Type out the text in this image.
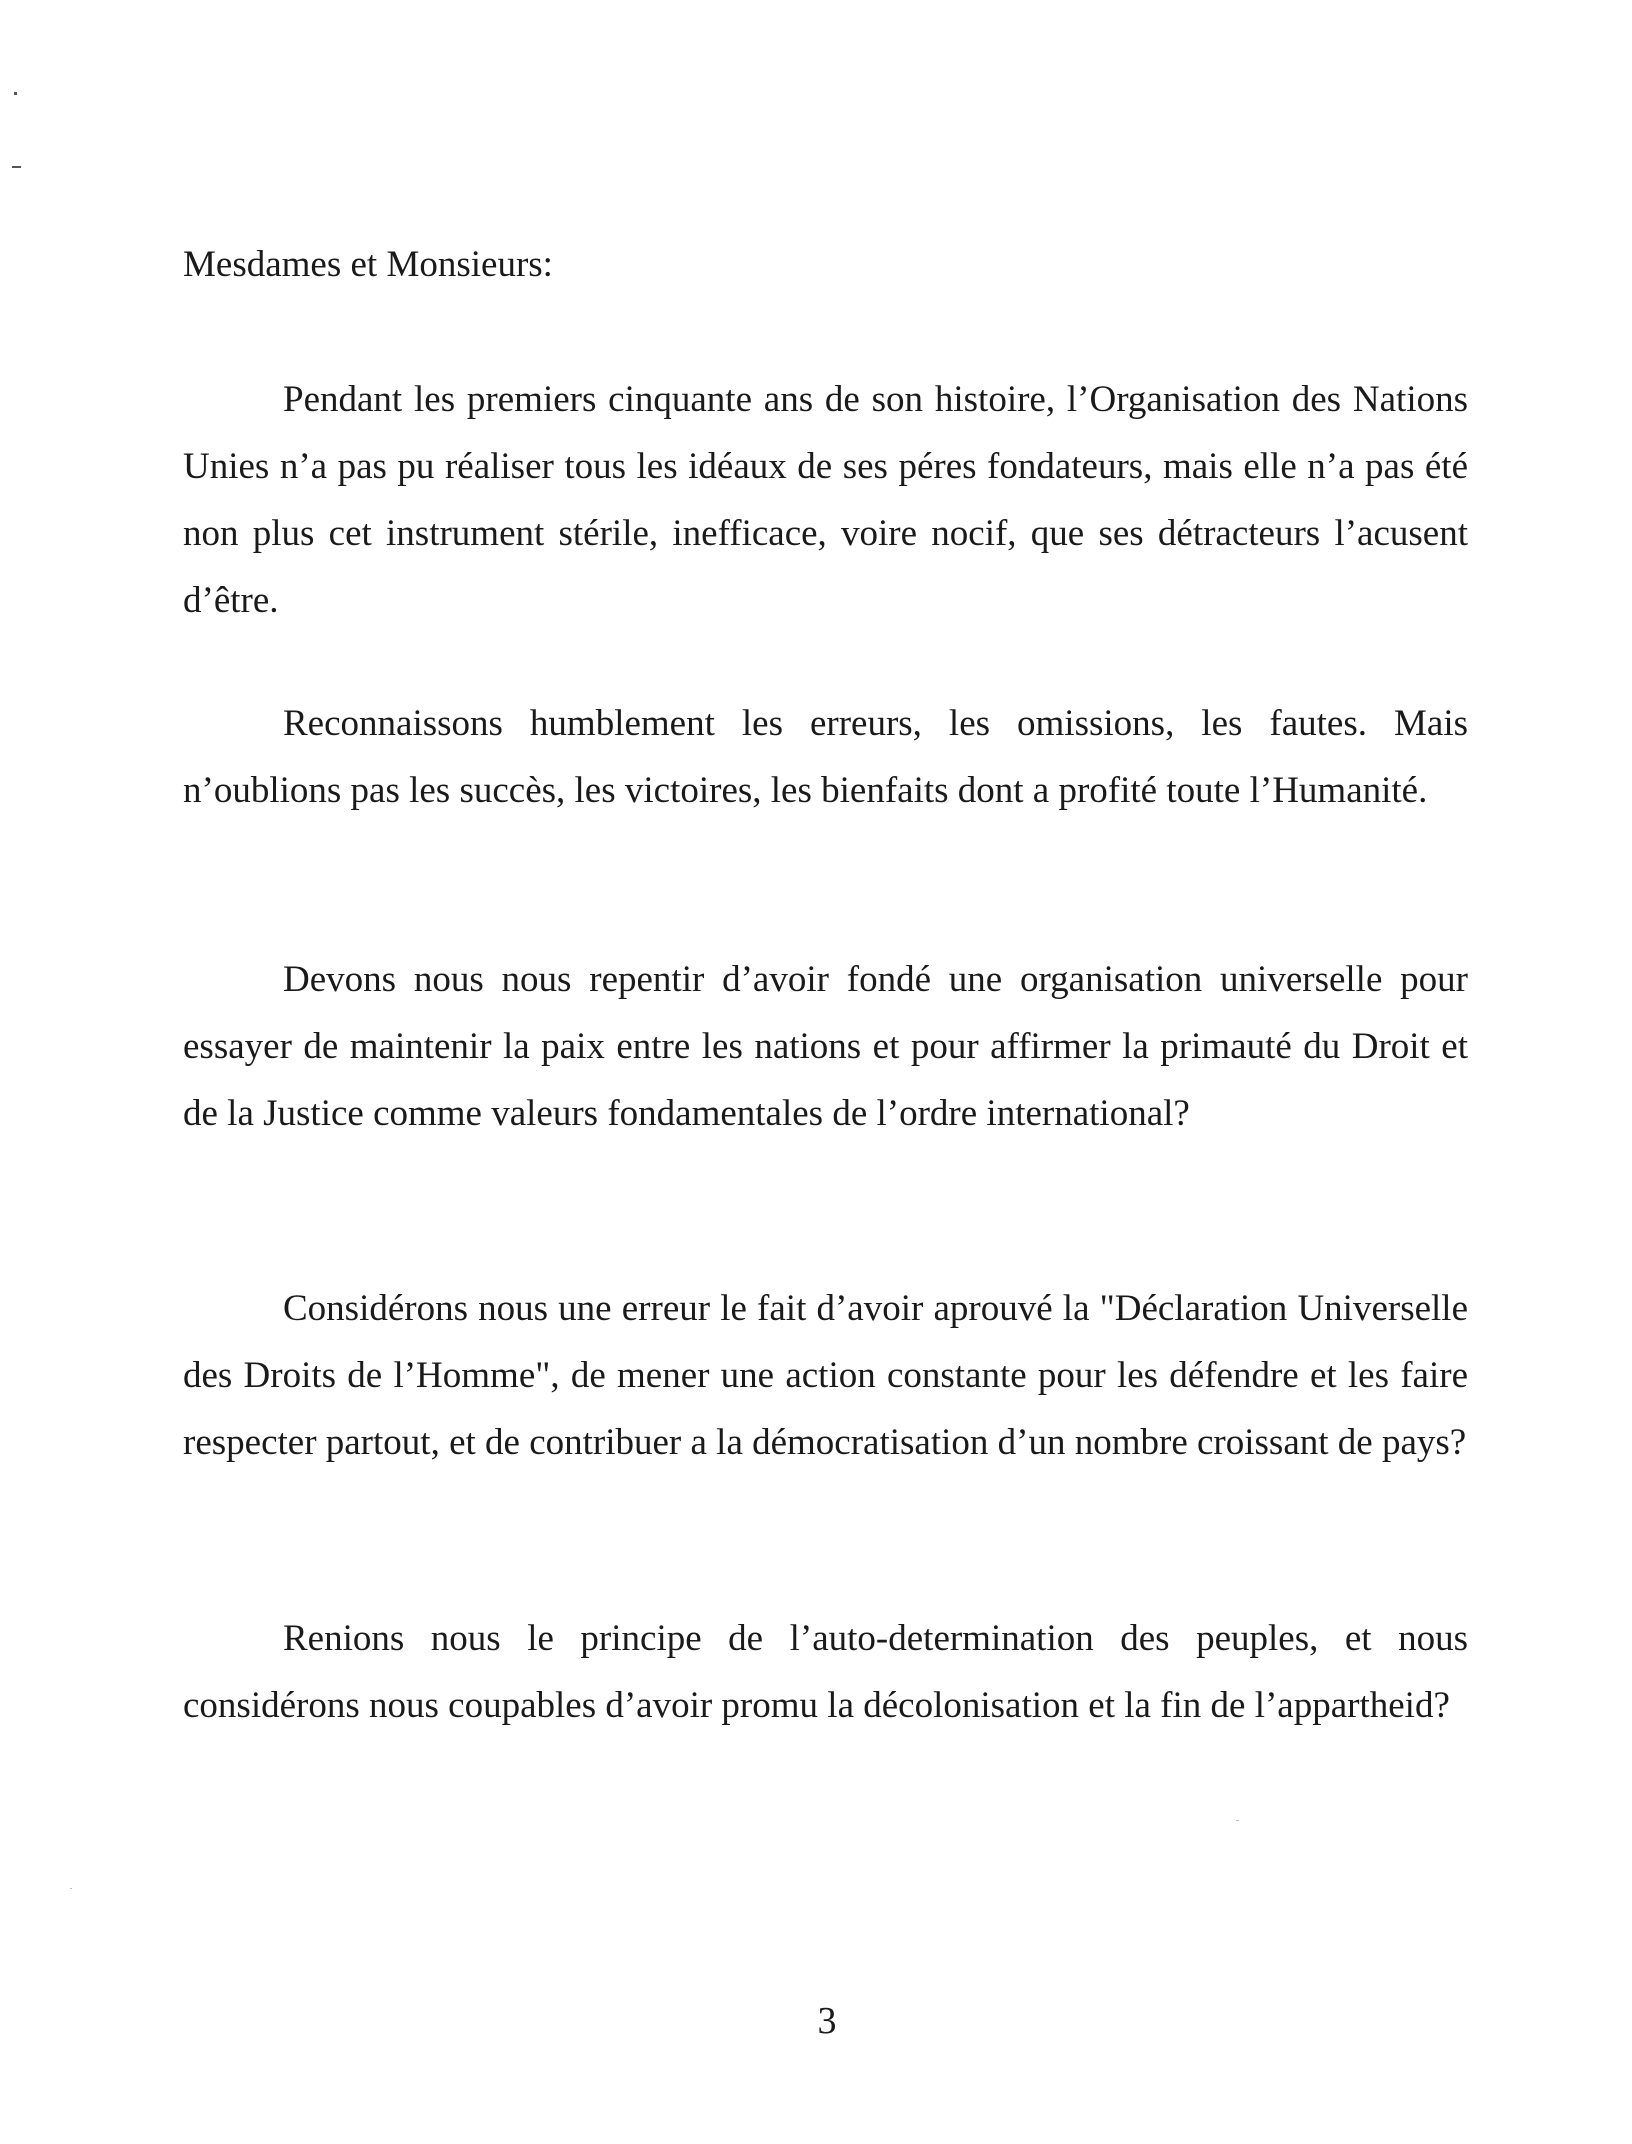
Mesdames et Monsieurs:

Pendant les premiers cinquante ans de son histoire, l’Organisation des Nations Unies n’a pas pu réaliser tous les idéaux de ses péres fondateurs, mais elle n’a pas été non plus cet instrument stérile, inefficace, voire nocif, que ses détracteurs l’acusent d’être.

Reconnaissons humblement les erreurs, les omissions, les fautes. Mais n’oublions pas les succès, les victoires, les bienfaits dont a profité toute l’Humanité.

Devons nous nous repentir d’avoir fondé une organisation universelle pour essayer de maintenir la paix entre les nations et pour affirmer la primauté du Droit et de la Justice comme valeurs fondamentales de l’ordre international?

Considérons nous une erreur le fait d’avoir aprouvé la "Déclaration Universelle des Droits de l’Homme", de mener une action constante pour les défendre et les faire respecter partout, et de contribuer a la démocratisation d’un nombre croissant de pays?

Renions nous le principe de l’auto-determination des peuples, et nous considérons nous coupables d’avoir promu la décolonisation et la fin de l’appartheid?

3
